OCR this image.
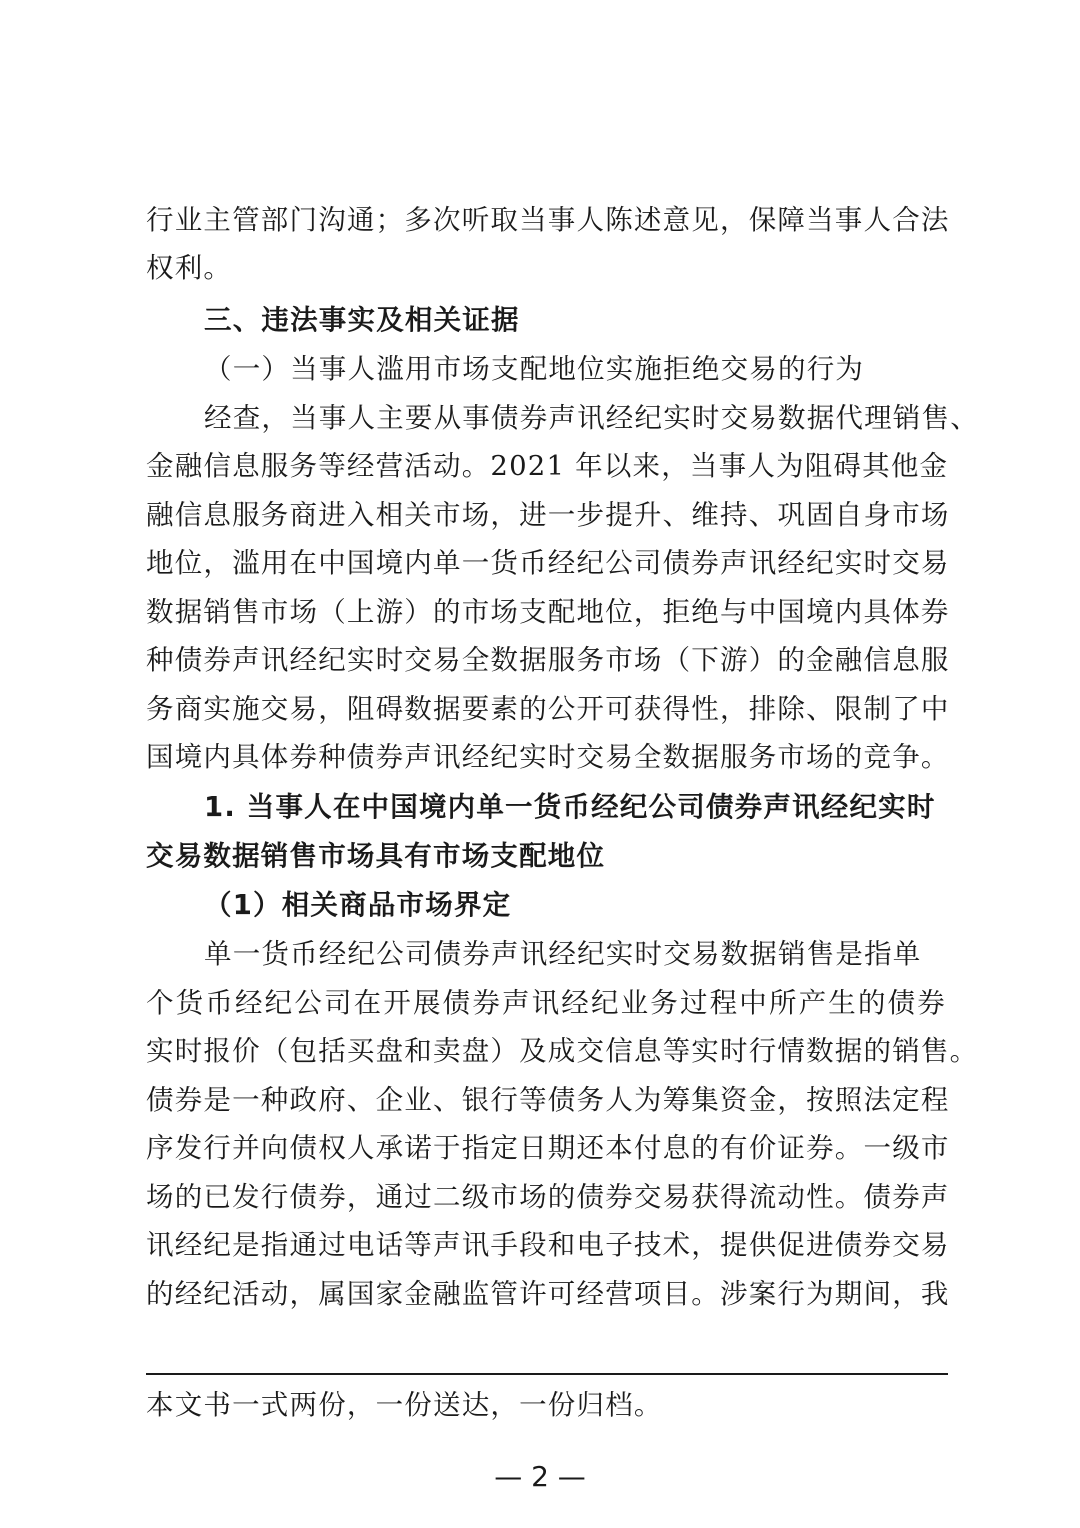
行业主管部门沟通；多次听取当事人陈述意见，保障当事人合法
权利。
三、违法事实及相关证据
（一）当事人滥用市场支配地位实施拒绝交易的行为
经查，当事人主要从事债券声讯经纪实时交易数据代理销售、
金融信息服务等经营活动。2021 年以来，当事人为阻碍其他金
融信息服务商进入相关市场，进一步提升、维持、巩固自身市场
地位，滥用在中国境内单一货币经纪公司债券声讯经纪实时交易
数据销售市场（上游）的市场支配地位，拒绝与中国境内具体券
种债券声讯经纪实时交易全数据服务市场（下游）的金融信息服
务商实施交易，阻碍数据要素的公开可获得性，排除、限制了中
国境内具体券种债券声讯经纪实时交易全数据服务市场的竞争。
1. 当事人在中国境内单一货币经纪公司债券声讯经纪实时
交易数据销售市场具有市场支配地位
（1）相关商品市场界定
单一货币经纪公司债券声讯经纪实时交易数据销售是指单
个货币经纪公司在开展债券声讯经纪业务过程中所产生的债券
实时报价（包括买盘和卖盘）及成交信息等实时行情数据的销售。
债券是一种政府、企业、银行等债务人为筹集资金，按照法定程
序发行并向债权人承诺于指定日期还本付息的有价证券。一级市
场的已发行债券，通过二级市场的债券交易获得流动性。债券声
讯经纪是指通过电话等声讯手段和电子技术，提供促进债券交易
的经纪活动，属国家金融监管许可经营项目。涉案行为期间，我
本文书一式两份，一份送达，一份归档。
— 2 —
